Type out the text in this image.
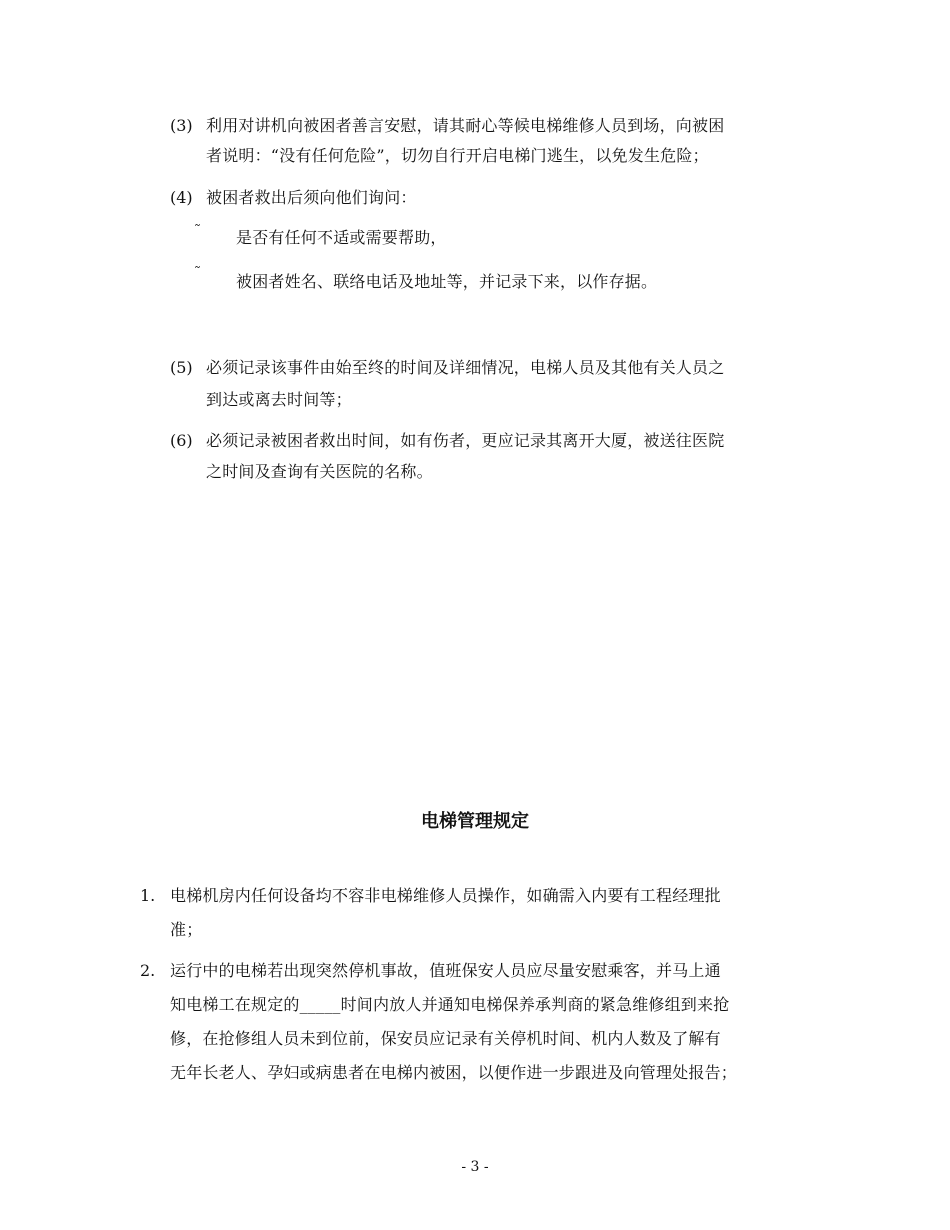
(3) 利用对讲机向被困者善言安慰，请其耐心等候电梯维修人员到场，向被困
者说明：“没有任何危险”，切勿自行开启电梯门逃生，以免发生危险；
(4) 被困者救出后须向他们询问：
˜ 是否有任何不适或需要帮助，
˜ 被困者姓名、联络电话及地址等，并记录下来，以作存据。
(5) 必须记录该事件由始至终的时间及详细情况，电梯人员及其他有关人员之
到达或离去时间等；
(6) 必须记录被困者救出时间，如有伤者，更应记录其离开大厦，被送往医院
之时间及查询有关医院的名称。
电梯管理规定
1. 电梯机房内任何设备均不容非电梯维修人员操作，如确需入内要有工程经理批
准；
2. 运行中的电梯若出现突然停机事故，值班保安人员应尽量安慰乘客，并马上通
知电梯工在规定的_____时间内放人并通知电梯保养承判商的紧急维修组到来抢
修，在抢修组人员未到位前，保安员应记录有关停机时间、机内人数及了解有
无年长老人、孕妇或病患者在电梯内被困，以便作进一步跟进及向管理处报告；
- 3 -
